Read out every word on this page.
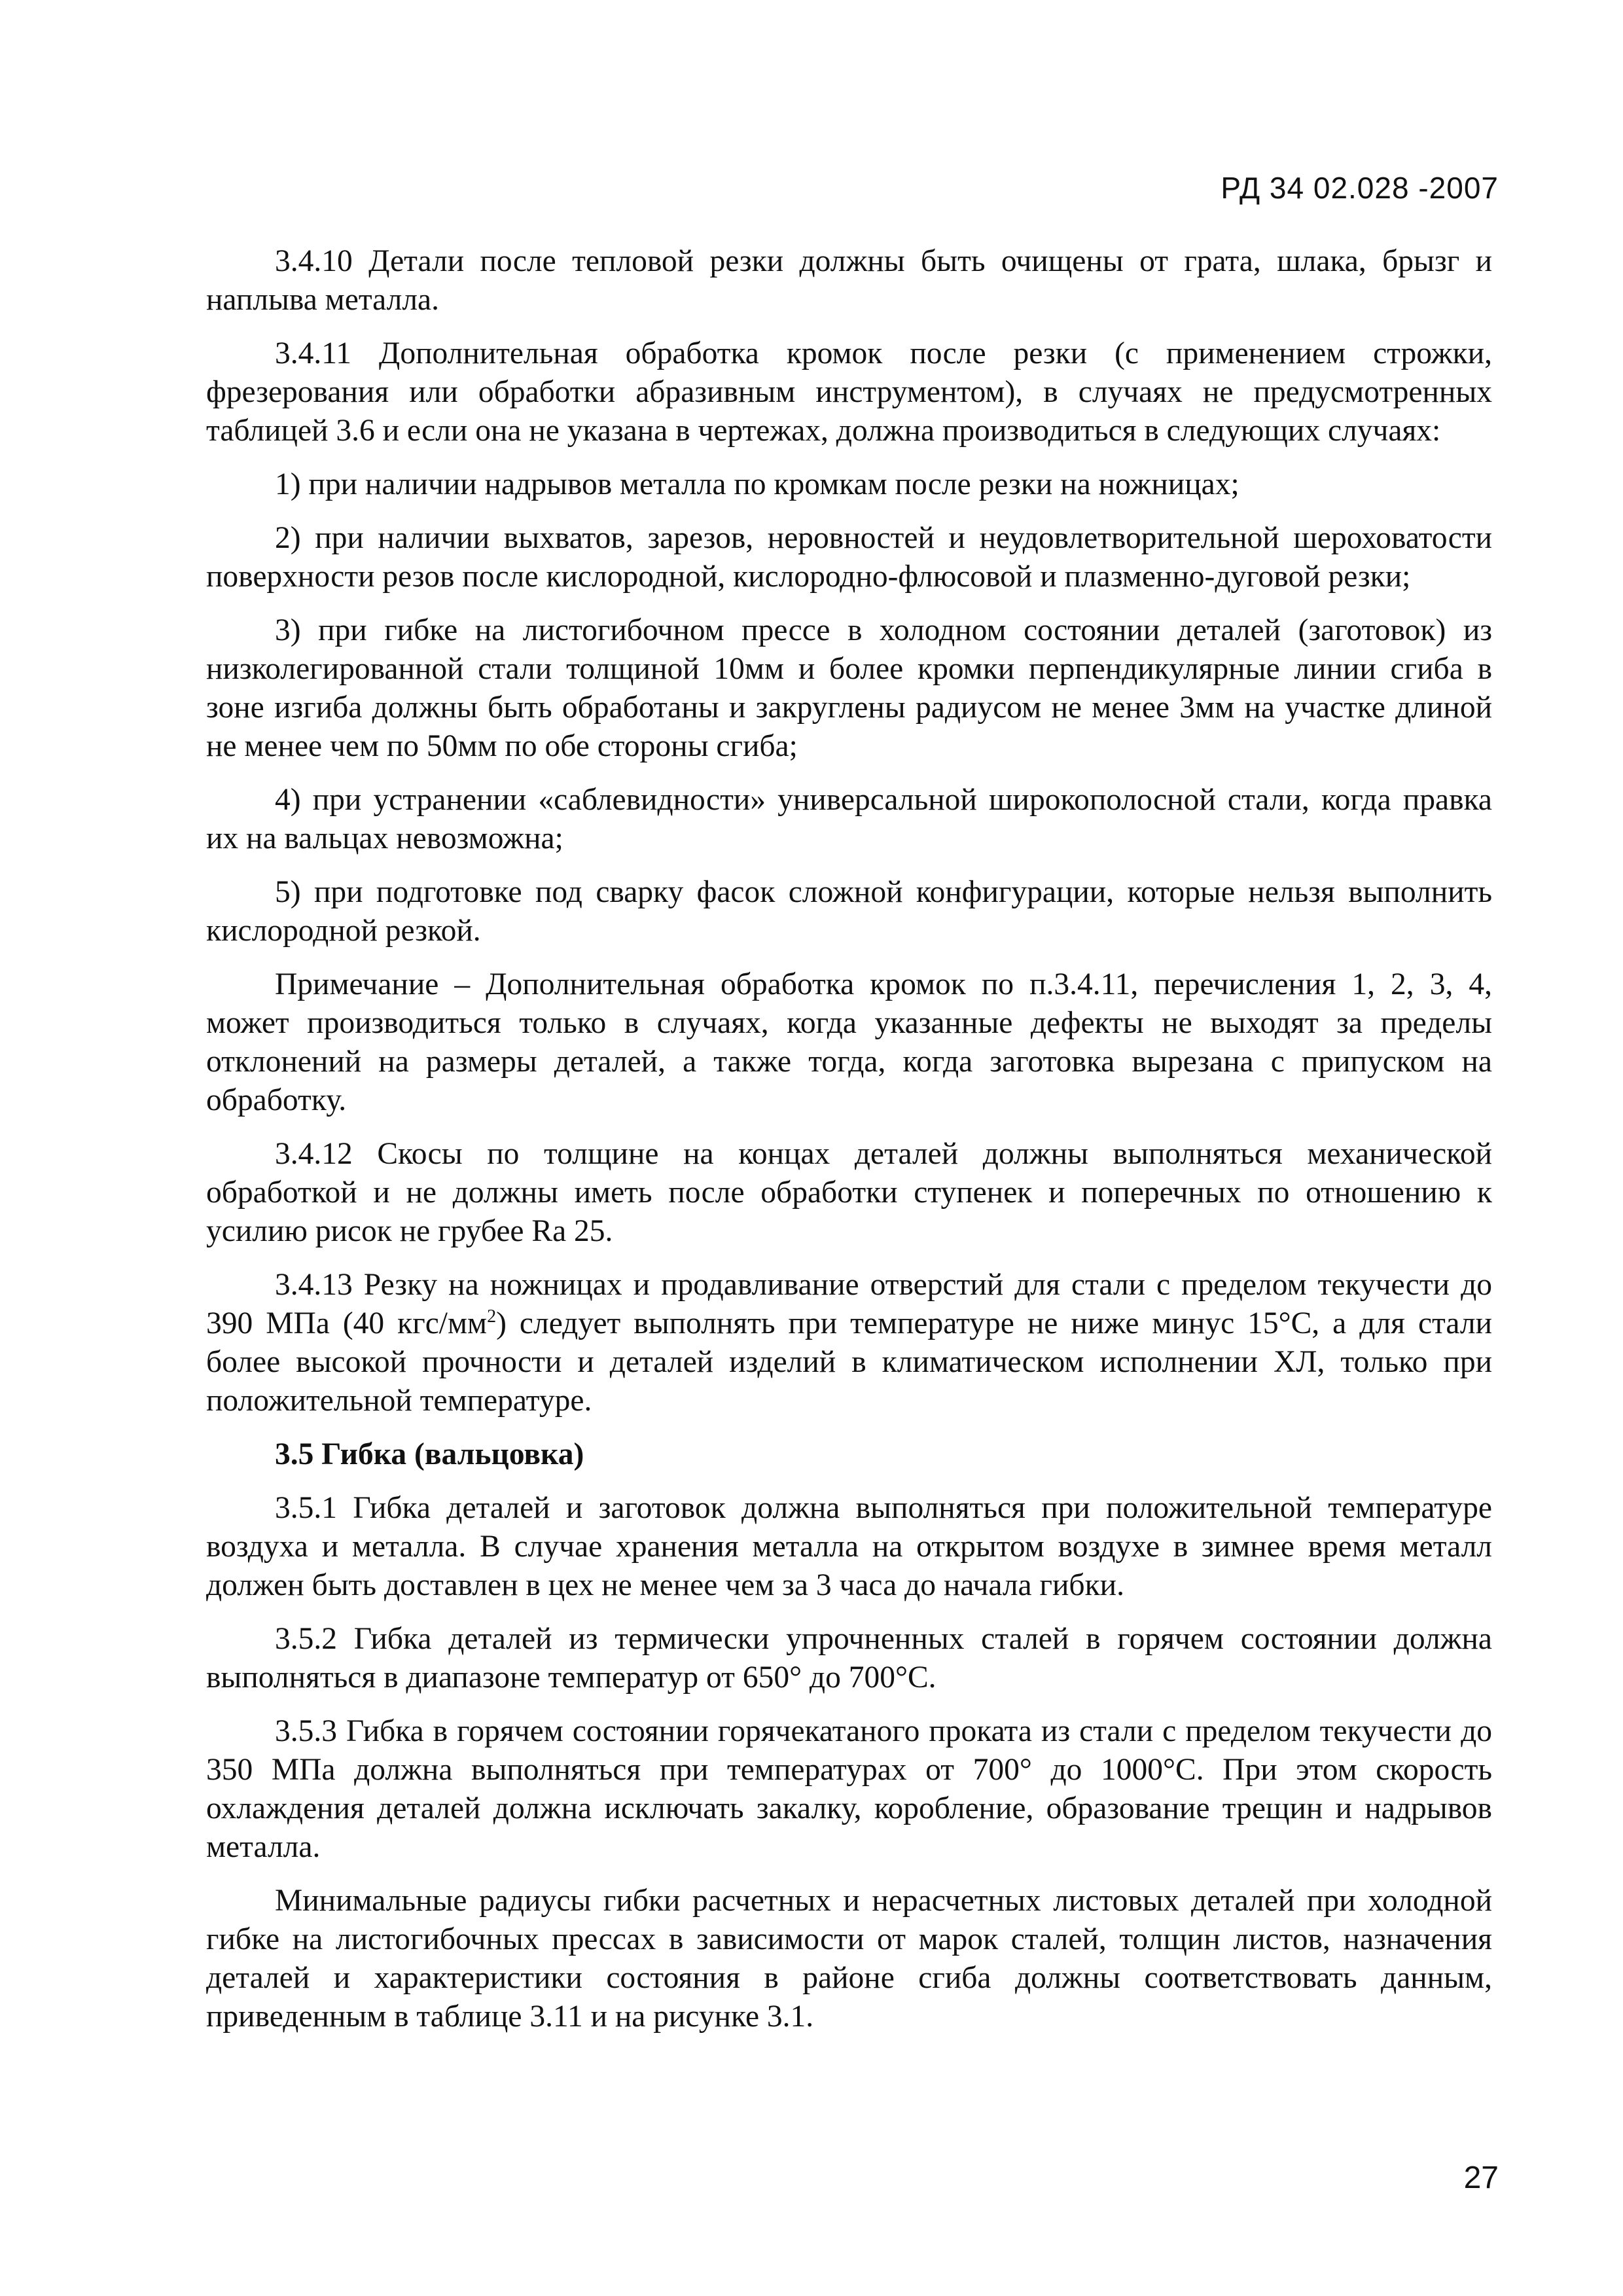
РД 34 02.028 -2007

3.4.10 Детали после тепловой резки должны быть очищены от грата, шлака, брызг и наплыва металла.

3.4.11 Дополнительная обработка кромок после резки (с применением строжки, фрезерования или обработки абразивным инструментом), в случаях не предусмотренных таблицей 3.6 и если она не указана в чертежах, должна производиться в следующих случаях:

1) при наличии надрывов металла по кромкам после резки на ножницах;

2) при наличии выхватов, зарезов, неровностей и неудовлетворительной шероховатости поверхности резов после кислородной, кислородно-флюсовой и плазменно-дуговой резки;

3) при гибке на листогибочном прессе в холодном состоянии деталей (заготовок) из низколегированной стали толщиной 10мм и более кромки перпендикулярные линии сгиба в зоне изгиба должны быть обработаны и закруглены радиусом не менее 3мм на участке длиной не менее чем по 50мм по обе стороны сгиба;

4) при устранении «саблевидности» универсальной широкополосной стали, когда правка их на вальцах невозможна;

5) при подготовке под сварку фасок сложной конфигурации, которые нельзя выполнить кислородной резкой.

Примечание – Дополнительная обработка кромок по п.3.4.11, перечисления 1, 2, 3, 4, может производиться только в случаях, когда указанные дефекты не выходят за пределы отклонений на размеры деталей, а также тогда, когда заготовка вырезана с припуском на обработку.

3.4.12 Скосы по толщине на концах деталей должны выполняться механической обработкой и не должны иметь после обработки ступенек и поперечных по отношению к усилию рисок не грубее Ra 25.

3.4.13 Резку на ножницах и продавливание отверстий для стали с пределом текучести до 390 МПа (40 кгс/$мм^2$) следует выполнять при температуре не ниже минус 15°С, а для стали более высокой прочности и деталей изделий в климатическом исполнении ХЛ, только при положительной температуре.

3.5 Гибка (вальцовка)

3.5.1 Гибка деталей и заготовок должна выполняться при положительной температуре воздуха и металла. В случае хранения металла на открытом воздухе в зимнее время металл должен быть доставлен в цех не менее чем за 3 часа до начала гибки.

3.5.2 Гибка деталей из термически упрочненных сталей в горячем состоянии должна выполняться в диапазоне температур от 650° до 700°С.

3.5.3 Гибка в горячем состоянии горячекатаного проката из стали с пределом текучести до 350 МПа должна выполняться при температурах от 700° до 1000°С. При этом скорость охлаждения деталей должна исключать закалку, коробление, образование трещин и надрывов металла.

Минимальные радиусы гибки расчетных и нерасчетных листовых деталей при холодной гибке на листогибочных прессах в зависимости от марок сталей, толщин листов, назначения деталей и характеристики состояния в районе сгиба должны соответствовать данным, приведенным в таблице 3.11 и на рисунке 3.1.

27
